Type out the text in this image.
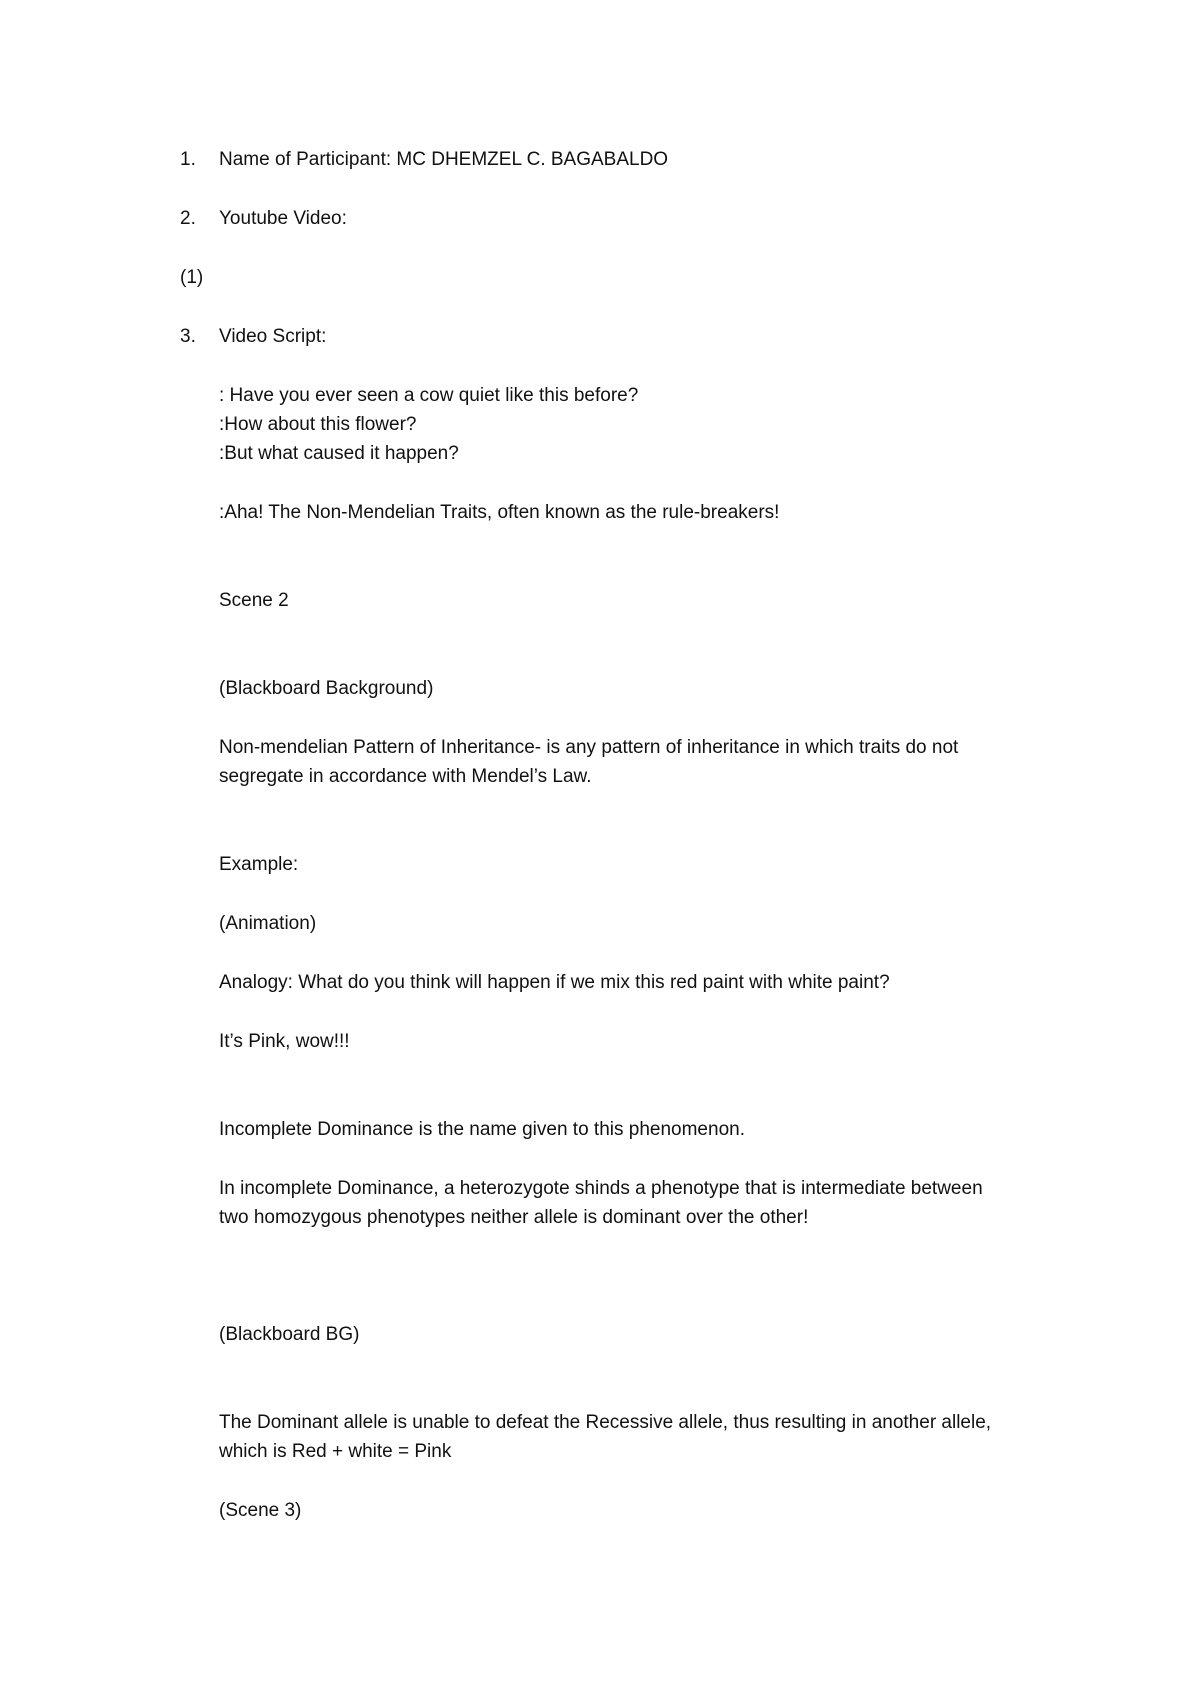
1. Name of Participant: MC DHEMZEL C. BAGABALDO
2. Youtube Video:
(1)
3. Video Script:
: Have you ever seen a cow quiet like this before?
:How about this flower?
:But what caused it happen?
:Aha! The Non-Mendelian Traits, often known as the rule-breakers!
Scene 2
(Blackboard Background)
Non-mendelian Pattern of Inheritance- is any pattern of inheritance in which traits do not
segregate in accordance with Mendel’s Law.
Example:
(Animation)
Analogy: What do you think will happen if we mix this red paint with white paint?
It’s Pink, wow!!!
Incomplete Dominance is the name given to this phenomenon.
In incomplete Dominance, a heterozygote shinds a phenotype that is intermediate between
two homozygous phenotypes neither allele is dominant over the other!
(Blackboard BG)
The Dominant allele is unable to defeat the Recessive allele, thus resulting in another allele,
which is Red + white = Pink
(Scene 3)
